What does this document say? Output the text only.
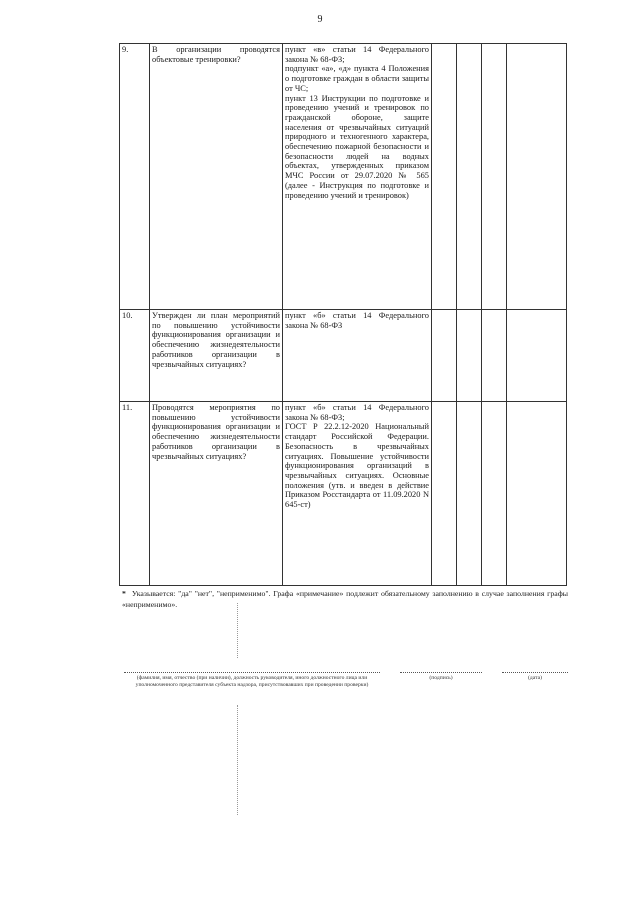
9
9.	В организации проводятся объектовые тренировки?	пункт «в» статьи 14 Федерального закона № 68-ФЗ;
подпункт «а», «д» пункта 4 Положения о подготовке граждан в области защиты от ЧС;
пункт 13 Инструкции по подготовке и проведению учений и тренировок по гражданской обороне, защите населения от чрезвычайных ситуаций природного и техногенного характера, обеспечению пожарной безопасности и безопасности людей на водных объектах, утвержденных приказом МЧС России от 29.07.2020 № 565 (далее - Инструкция по подготовке и проведению учений и тренировок)				

10.	Утвержден ли план мероприятий по повышению устойчивости функционирования организации и обеспечению жизнедеятельности работников организации в чрезвычайных ситуациях?	пункт «б» статьи 14 Федерального закона № 68-ФЗ				

11.	Проводятся мероприятия по повышению устойчивости функционирования организации и обеспечению жизнедеятельности работников организации в чрезвычайных ситуациях?	пункт «б» статьи 14 Федерального закона № 68-ФЗ;
ГОСТ Р 22.2.12-2020 Национальный стандарт Российской Федерации. Безопасность в чрезвычайных ситуациях. Повышение устойчивости функционирования организаций в чрезвычайных ситуациях. Основные положения (утв. и введен в действие Приказом Росстандарта от 11.09.2020 N 645-ст)				

* Указывается: "да" "нет", "неприменимо". Графа «примечание» подлежит обязательному заполнению в случае заполнения графы «неприменимо».
(фамилия, имя, отчество (при наличии), должность руководителя, иного должностного лица или уполномоченного представителя субъекта надзора, присутствовавших при проведении проверки)
(подпись)	(дата)
